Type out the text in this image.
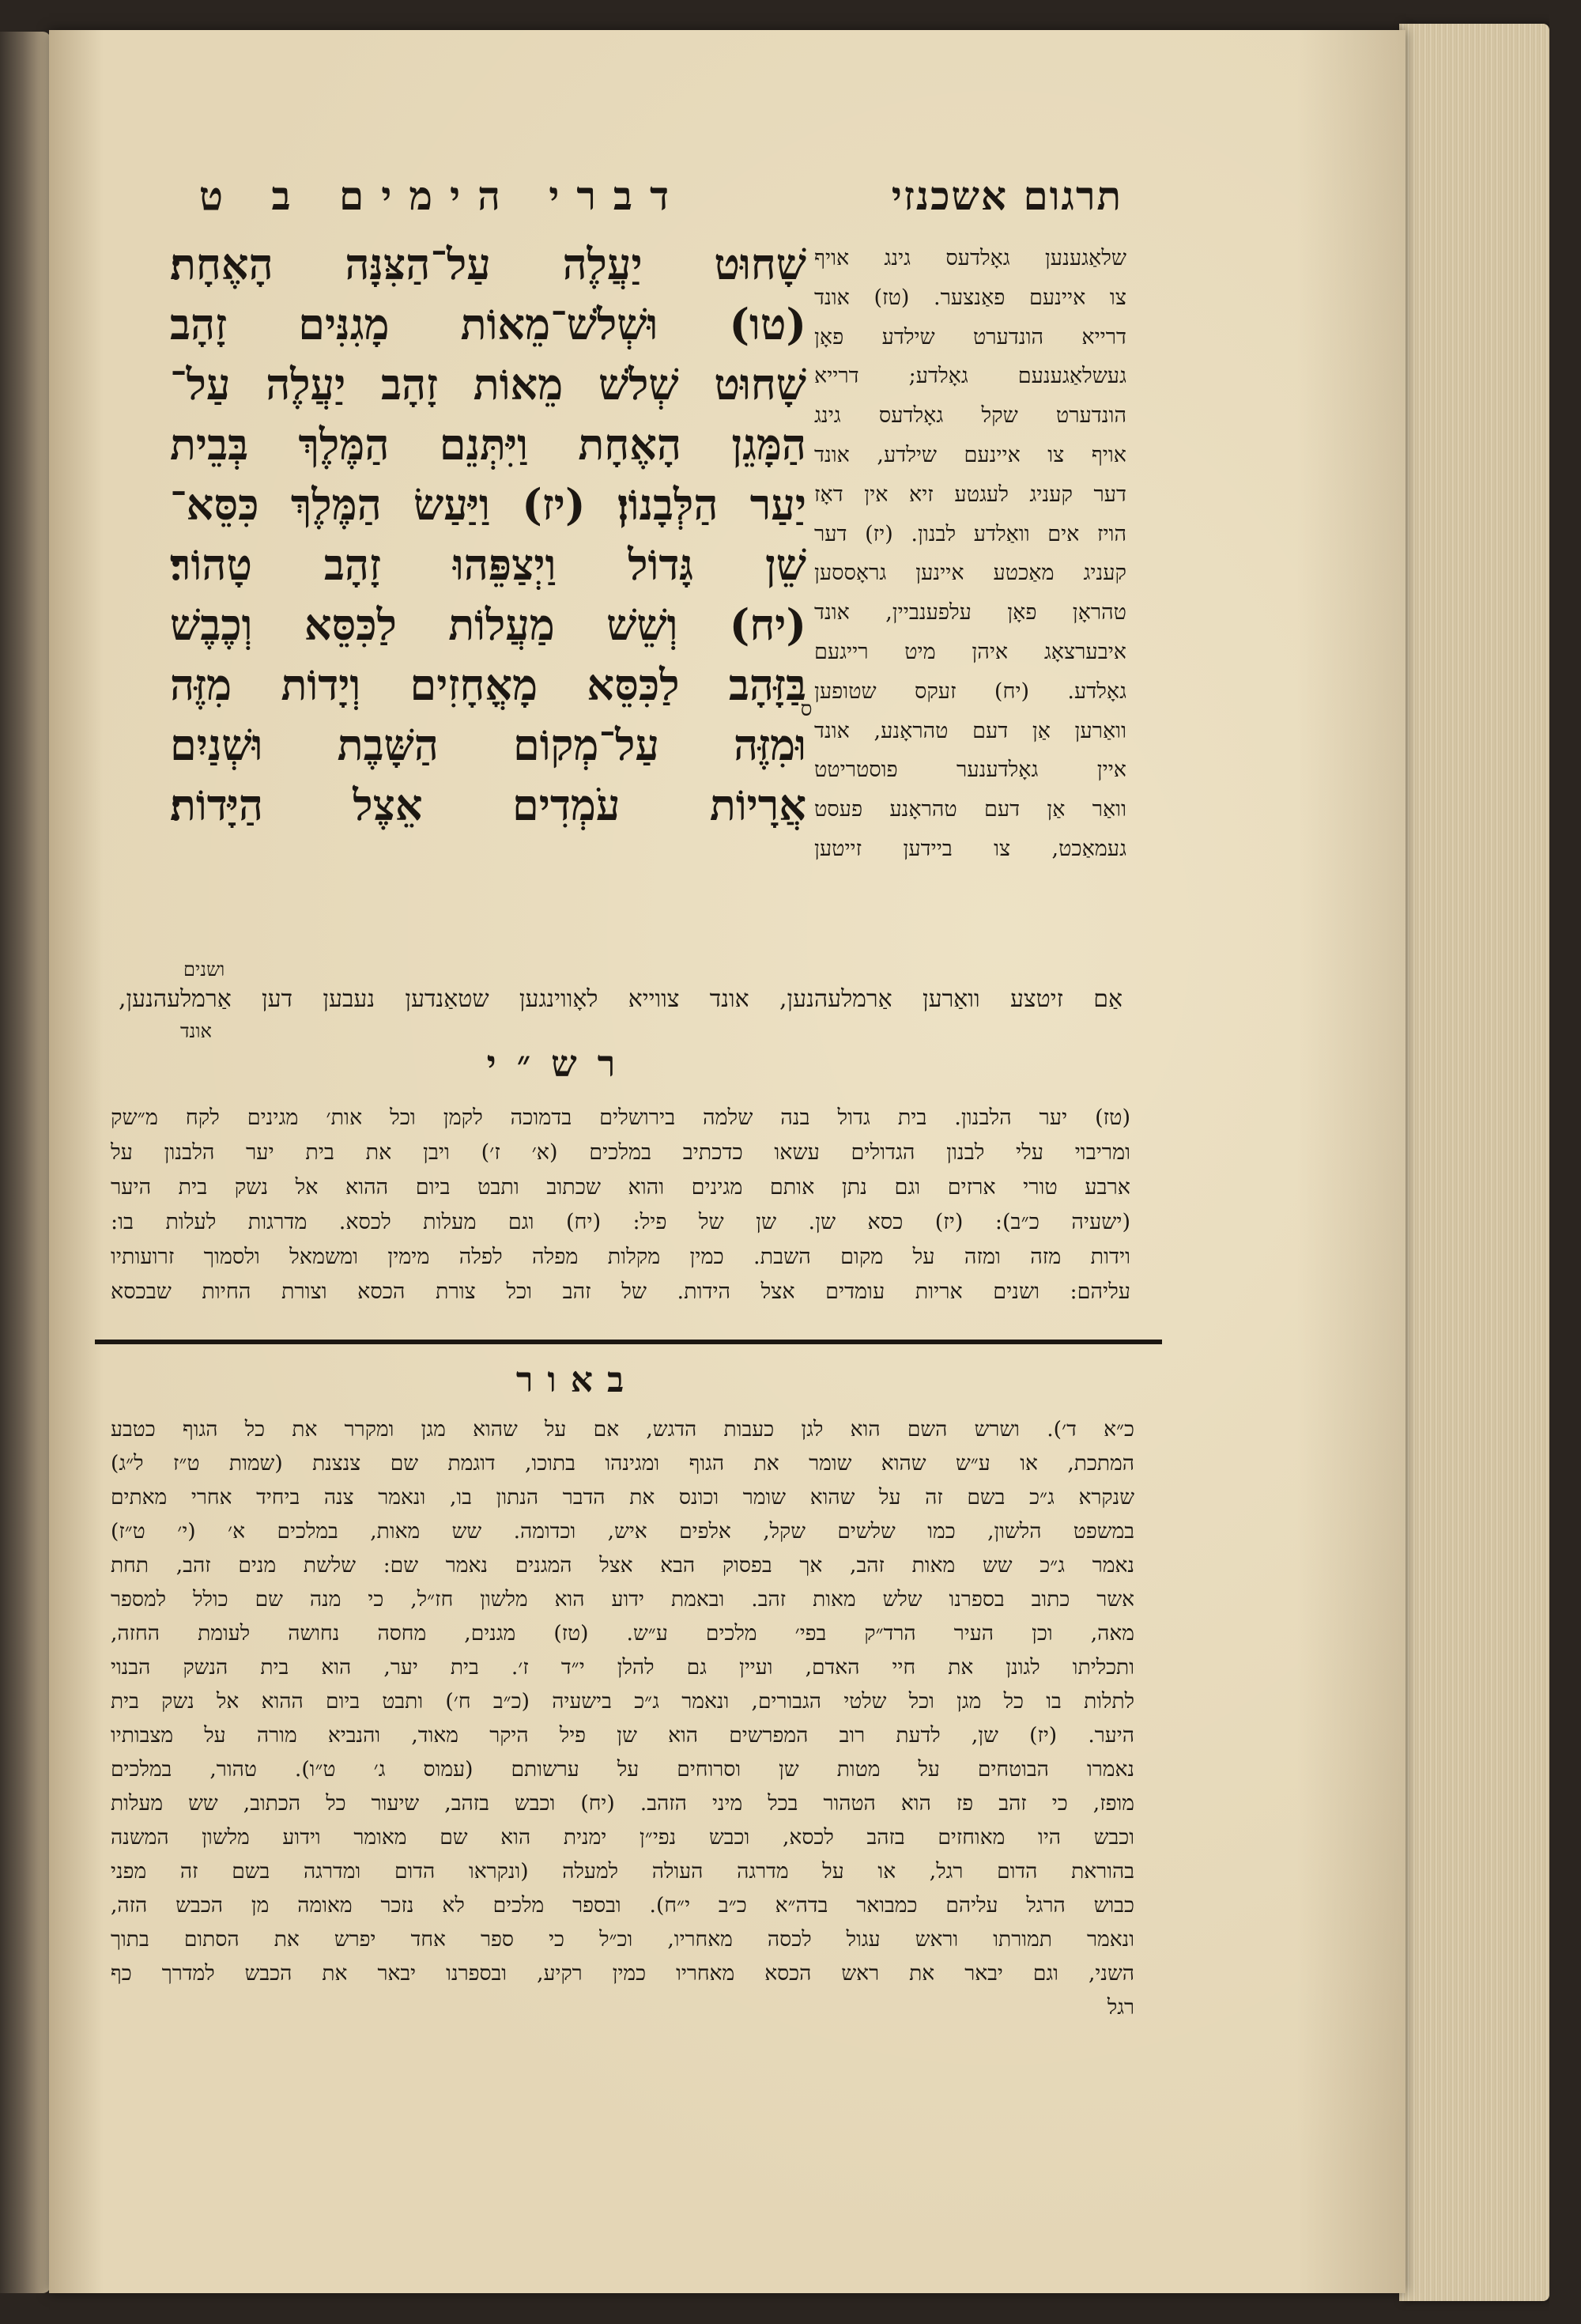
דברי הימים ב ט	תרגום אשכנזי
שָׁחוּט יַעֲלֶה עַל־הַצִּנָּה הָאֶחָת׃
(טו) וּשְׁלֹשׁ־מֵאוֹת מָגִנִּים זָהָב
שָׁחוּט שְׁלֹשׁ מֵאוֹת זָהָב יַעֲלֶה עַל־
הַמָּגֵן הָאֶחָת וַיִּתְּנֵם הַמֶּלֶךְ בְּבֵית
יַעַר הַלְּבָנוֹן׃ (יז) וַיַּעַשׂ הַמֶּלֶךְ כִּסֵּא־
שֵׁן גָּדוֹל וַיְצַפֵּהוּ זָהָב טָהוֹר׃
(יח) וְשֵׁשׁ מַעֲלוֹת לַכִּסֵּא וְכֶבֶשׁ
בַּזָּהָב לַכִּסֵּא מָאֳחָזִים וְיָדוֹת מִזֶּה
וּמִזֶּה עַל־מְקוֹם הַשָּׁבֶת וּשְׁנַיִם
אֲרָיוֹת עֹמְדִים אֵצֶל הַיָּדוֹת׃
ס
שלאַגענען גאָלדעס גינג אויף
צו איינעם פאַנצער. (טז) אונד
דרייא הונדערט שילדע פאָן
געשלאַגענעם גאָלדע; דרייא
הונדערט שקל גאָלדעס גינג
אויף צו איינעם שילדע, אונד
דער קעניג לעגטע זיא אין דאָז
הויז אים וואַלדע לבנון. (יז) דער
קעניג מאַכטע איינען גראָססען
טהראָן פאָן עלפענביין, אונד
איבערצאָג איהן מיט רייגעם
גאָלדע. (יח) זעקס שטופען
וואַרען אַן דעם טהראָנע, אונד
איין גאָלדענער פוסטריטט
וואַר אַן דעם טהראָנע פעסט
געמאַכט, צו ביידען זייטען
ושנים
אַם זיטצע וואַרען אַרמלעהנען, אונד צווייא לאָווינגען שטאַנדען נעבען דען אַרמלעהנען,
אונד
רש״י
(טז) יער הלבנון. בית גדול בנה שלמה בירושלים בדמוכה לקמן וכל אות׳ מגינים לקח מ״שק
ומריבוי עלי לבנון הגדולים עשאו כדכתיב במלכים (א׳ ז׳) ויבן את בית יער הלבנון על
ארבע טורי ארזים וגם נתן אותם מגינים והוא שכתוב ותבט ביום ההוא אל נשק בית היער
(ישעיה כ״ב): (יז) כסא שן. שן של פיל: (יח) וגם מעלות לכסא. מדרגות לעלות בו:
וידות מזה ומזה על מקום השבת. כמין מקלות מפלה לפלה מימין ומשמאל ולסמוך זרועותיו
עליהם: ושנים אריות עומדים אצל הידות. של זהב וכל צורת הכסא וצורת החיות שבכסא
באור
כ״א ד׳). ושרש השם הוא לגן כעבות הדגש, אם על שהוא מגן ומקרר את כל הגוף כטבע
המתכת, או ע״ש שהוא שומר את הגוף ומגינהו בתוכו, דוגמת שם צנצנת (שמות ט״ז ל״ג)
שנקרא ג״כ בשם זה על שהוא שומר וכונס את הדבר הנתון בו, ונאמר צנה ביחיד אחרי מאתים
במשפט הלשון, כמו שלשים שקל, אלפים איש, וכדומה. שש מאות, במלכים א׳ (י׳ ט״ז)
נאמר ג״כ שש מאות זהב, אך בפסוק הבא אצל המגנים נאמר שם: שלשת מנים זהב, תחת
אשר כתוב בספרנו שלש מאות זהב. ובאמת ידוע הוא מלשון חז״ל, כי מנה שם כולל למספר
מאה, וכן העיר הרד״ק בפי׳ מלכים ע״ש. (טז) מגנים, מחסה נחושה לעומת החזה,
ותכליתו לגונן את חיי האדם, ועיין גם להלן י״ד ז׳. בית יער, הוא בית הנשק הבנוי
לתלות בו כל מגן וכל שלטי הגבורים, ונאמר ג״כ בישעיה (כ״ב ח׳) ותבט ביום ההוא אל נשק בית
היער. (יז) שן, לדעת רוב המפרשים הוא שן פיל היקר מאוד, והנביא מורה על מצבותיו
נאמרו הבוטחים על מטות שן וסרוחים על ערשותם (עמוס ג׳ ט״ו). טהור, במלכים
מופז, כי זהב פז הוא הטהור בכל מיני הזהב. (יח) וכבש בזהב, שיעור כל הכתוב, שש מעלות
וכבש היו מאוחזים בזהב לכסא, וכבש נפי״ן ימנית הוא שם מאומר וידוע מלשון המשנה
בהוראת הדום רגל, או על מדרגה העולה למעלה (ונקראו הדום ומדרגה בשם זה מפני
כבוש הרגל עליהם כמבואר בדה״א כ״ב י״ח). ובספר מלכים לא נזכר מאומה מן הכבש הזה,
ונאמר תמורתו וראש עגול לכסה מאחריו, וכ״ל כי ספר אחד יפרש את הסתום בתוך
השני, וגם יבאר את ראש הכסא מאחריו כמין רקיע, ובספרנו יבאר את הכבש למדרך כף
רגל
